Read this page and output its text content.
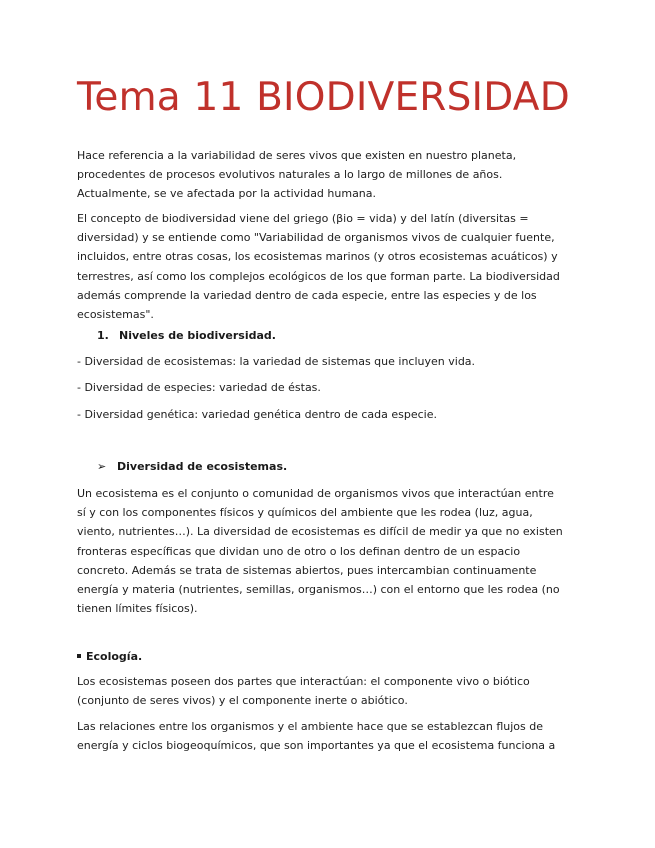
Tema 11 BIODIVERSIDAD
Hace referencia a la variabilidad de seres vivos que existen en nuestro planeta,
procedentes de procesos evolutivos naturales a lo largo de millones de años.
Actualmente, se ve afectada por la actividad humana.
El concepto de biodiversidad viene del griego (βio = vida) y del latín (diversitas =
diversidad) y se entiende como "Variabilidad de organismos vivos de cualquier fuente,
incluidos, entre otras cosas, los ecosistemas marinos (y otros ecosistemas acuáticos) y
terrestres, así como los complejos ecológicos de los que forman parte. La biodiversidad
además comprende la variedad dentro de cada especie, entre las especies y de los
ecosistemas".
1. Niveles de biodiversidad.
- Diversidad de ecosistemas: la variedad de sistemas que incluyen vida.
- Diversidad de especies: variedad de éstas.
- Diversidad genética: variedad genética dentro de cada especie.
➢ Diversidad de ecosistemas.
Un ecosistema es el conjunto o comunidad de organismos vivos que interactúan entre
sí y con los componentes físicos y químicos del ambiente que les rodea (luz, agua,
viento, nutrientes…). La diversidad de ecosistemas es difícil de medir ya que no existen
fronteras específicas que dividan uno de otro o los definan dentro de un espacio
concreto. Además se trata de sistemas abiertos, pues intercambian continuamente
energía y materia (nutrientes, semillas, organismos…) con el entorno que les rodea (no
tienen límites físicos).
Ecología.
Los ecosistemas poseen dos partes que interactúan: el componente vivo o biótico
(conjunto de seres vivos) y el componente inerte o abiótico.
Las relaciones entre los organismos y el ambiente hace que se establezcan flujos de
energía y ciclos biogeoquímicos, que son importantes ya que el ecosistema funciona a
